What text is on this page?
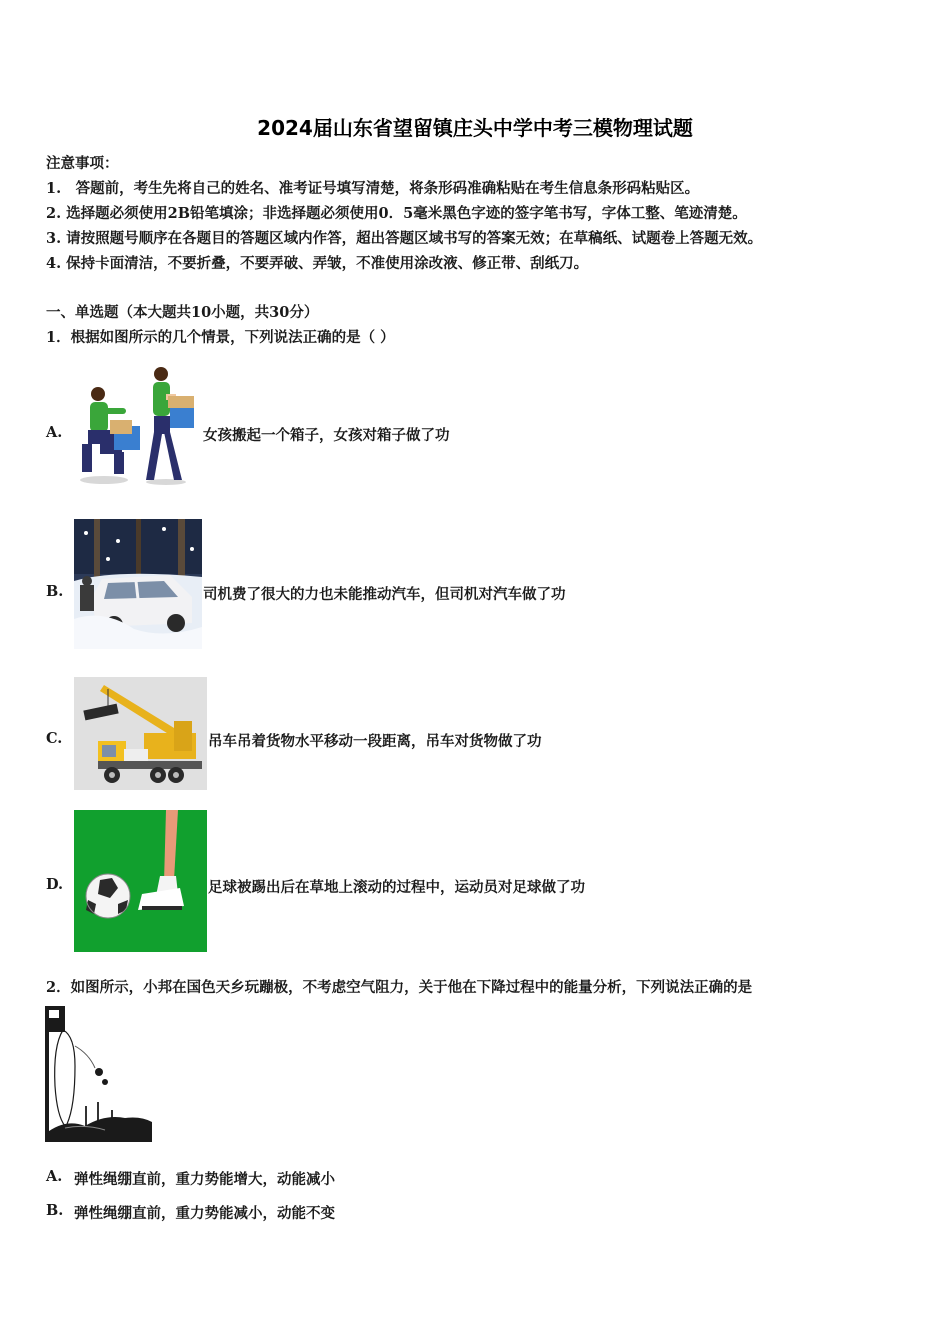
2024届山东省望留镇庄头中学中考三模物理试题
注意事项：
1.　答题前，考生先将自己的姓名、准考证号填写清楚，将条形码准确粘贴在考生信息条形码粘贴区。
2. 选择题必须使用2B铅笔填涂；非选择题必须使用0．5毫米黑色字迹的签字笔书写，字体工整、笔迹清楚。
3. 请按照题号顺序在各题目的答题区域内作答，超出答题区域书写的答案无效；在草稿纸、试题卷上答题无效。
4. 保持卡面清洁，不要折叠，不要弄破、弄皱，不准使用涂改液、修正带、刮纸刀。
一、单选题（本大题共10小题，共30分）
1．根据如图所示的几个情景，下列说法正确的是（ ）
A.	女孩搬起一个箱子，女孩对箱子做了功
B.	司机费了很大的力也未能推动汽车，但司机对汽车做了功
C.	吊车吊着货物水平移动一段距离，吊车对货物做了功
D.	足球被踢出后在草地上滚动的过程中，运动员对足球做了功
2．如图所示，小邦在国色天乡玩蹦极，不考虑空气阻力，关于他在下降过程中的能量分析，下列说法正确的是
A. 弹性绳绷直前，重力势能增大，动能减小
B. 弹性绳绷直前，重力势能减小，动能不变
